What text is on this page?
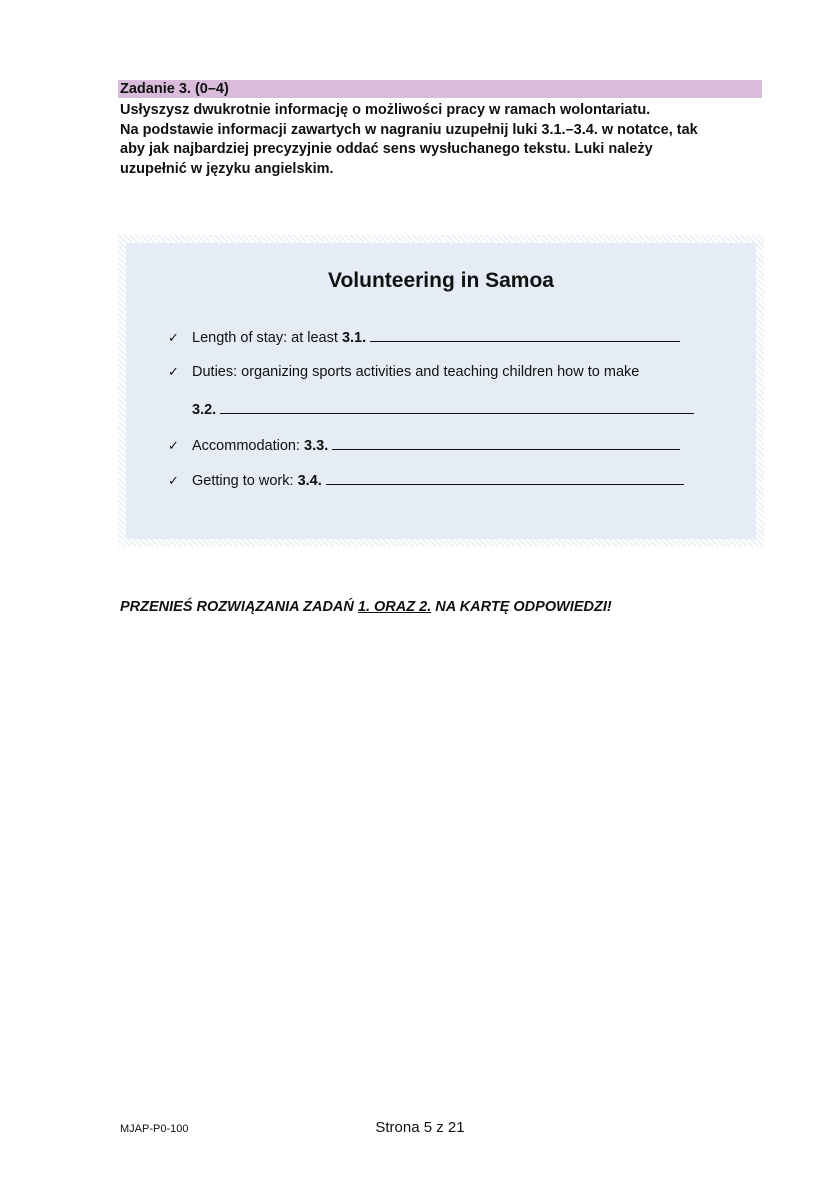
Zadanie 3. (0–4)

Usłyszysz dwukrotnie informację o możliwości pracy w ramach wolontariatu.

Na podstawie informacji zawartych w nagraniu uzupełnij luki 3.1.–3.4. w notatce, tak

aby jak najbardziej precyzyjnie oddać sens wysłuchanego tekstu. Luki należy

uzupełnić w języku angielskim.

Volunteering in Samoa
✓ Length of stay: at least 3.1.
✓ Duties: organizing sports activities and teaching children how to make
3.2.
✓ Accommodation: 3.3.
✓ Getting to work: 3.4.
PRZENIEŚ ROZWIĄZANIA ZADAŃ 1. ORAZ 2. NA KARTĘ ODPOWIEDZI!
MJAP-P0-100	Strona 5 z 21
